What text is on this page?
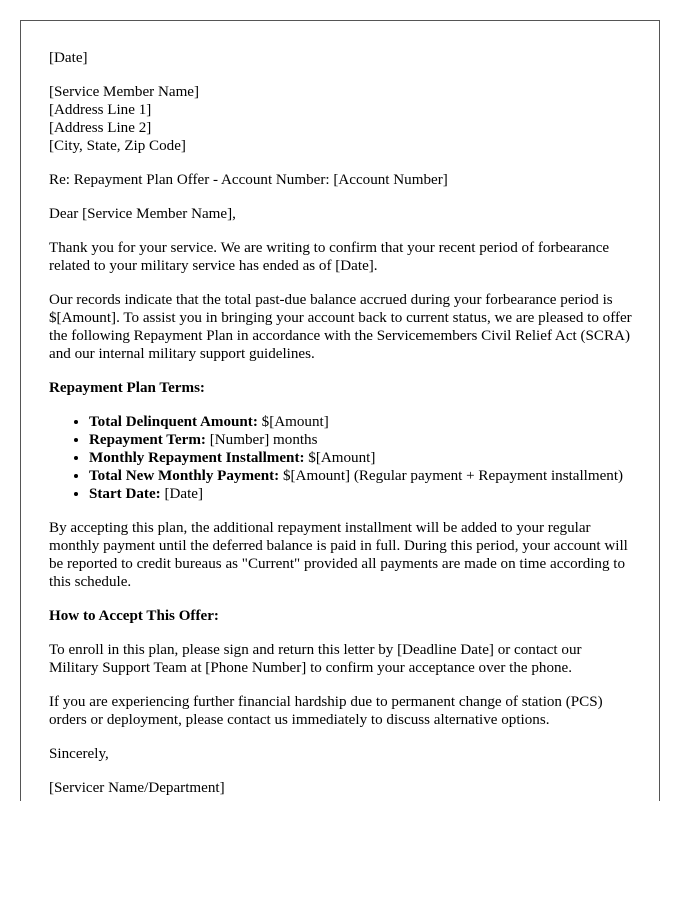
[Date]

[Service Member Name]
[Address Line 1]
[Address Line 2]
[City, State, Zip Code]

Re: Repayment Plan Offer - Account Number: [Account Number]

Dear [Service Member Name],

Thank you for your service. We are writing to confirm that your recent period of forbearance related to your military service has ended as of [Date].

Our records indicate that the total past-due balance accrued during your forbearance period is $[Amount]. To assist you in bringing your account back to current status, we are pleased to offer the following Repayment Plan in accordance with the Servicemembers Civil Relief Act (SCRA) and our internal military support guidelines.

Repayment Plan Terms:

• Total Delinquent Amount: $[Amount]
• Repayment Term: [Number] months
• Monthly Repayment Installment: $[Amount]
• Total New Monthly Payment: $[Amount] (Regular payment + Repayment installment)
• Start Date: [Date]

By accepting this plan, the additional repayment installment will be added to your regular monthly payment until the deferred balance is paid in full. During this period, your account will be reported to credit bureaus as "Current" provided all payments are made on time according to this schedule.

How to Accept This Offer:

To enroll in this plan, please sign and return this letter by [Deadline Date] or contact our Military Support Team at [Phone Number] to confirm your acceptance over the phone.

If you are experiencing further financial hardship due to permanent change of station (PCS) orders or deployment, please contact us immediately to discuss alternative options.

Sincerely,

[Servicer Name/Department]
